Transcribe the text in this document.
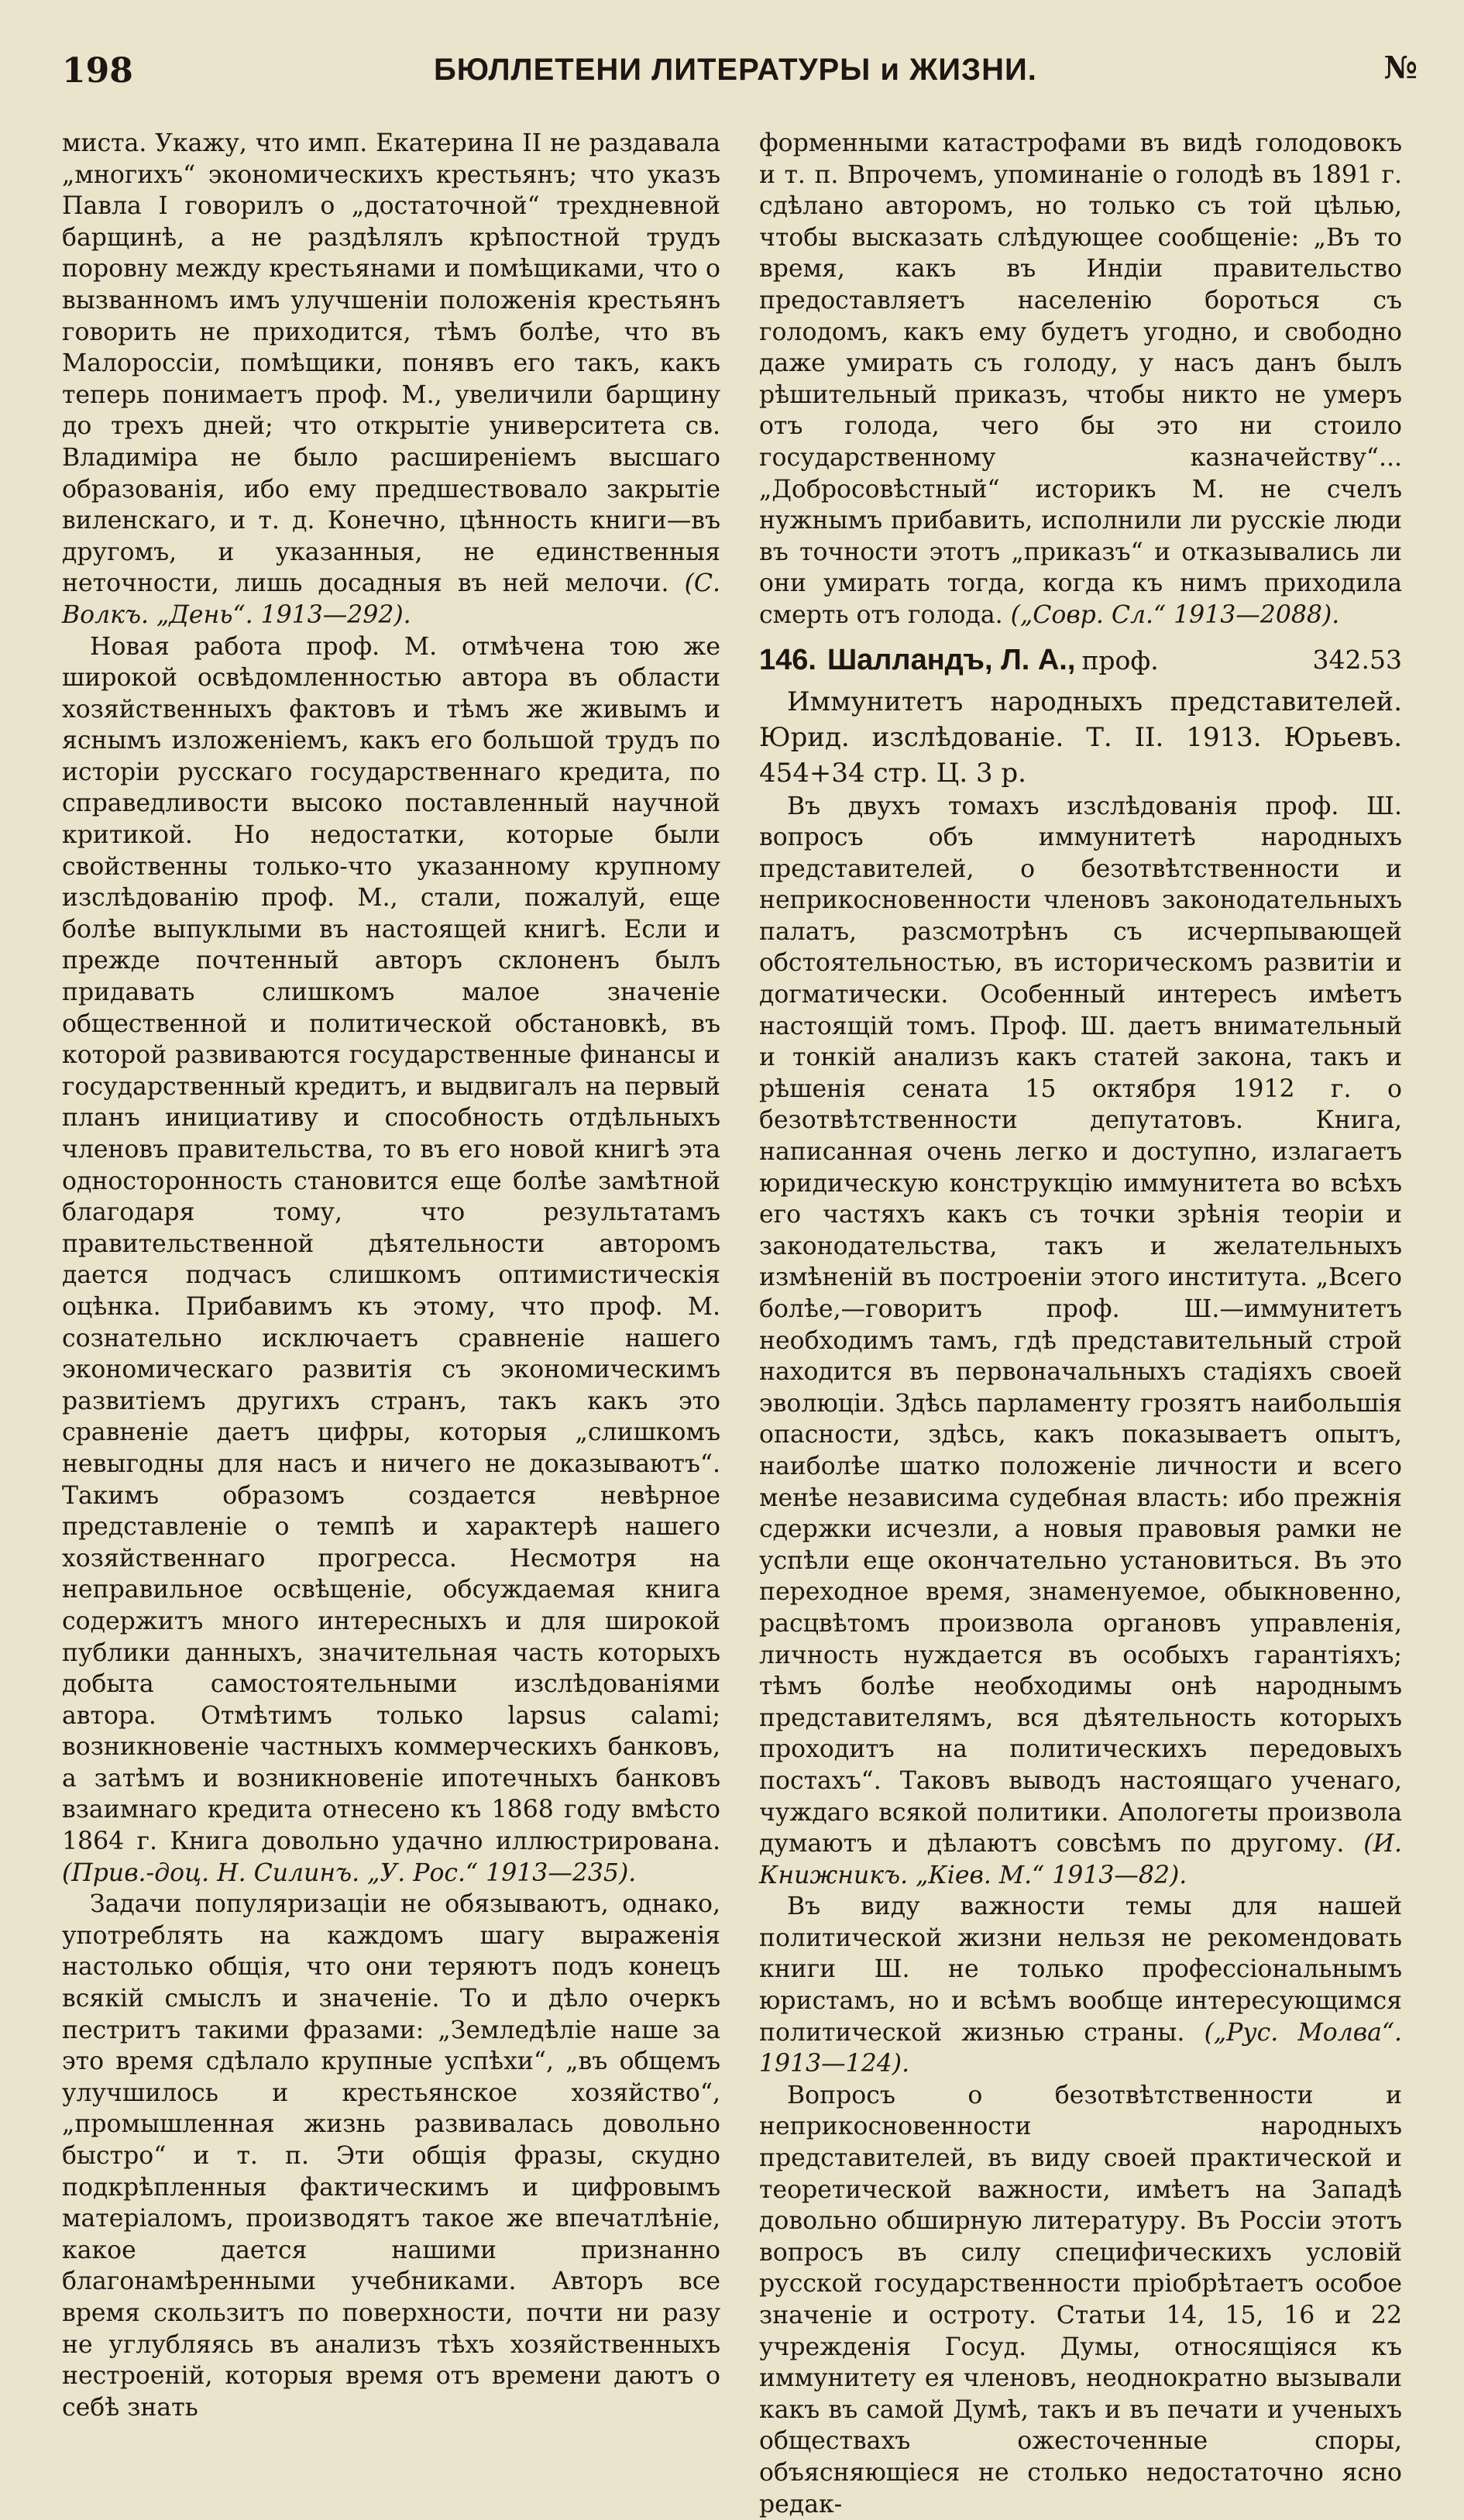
198	БЮЛЛЕТЕНИ ЛИТЕРАТУРЫ и ЖИЗНИ.	№

миста. Укажу, что имп. Екатерина II не раздавала „многихъ“ экономическихъ крестьянъ; что указъ Павла I говорилъ о „достаточной“ трехдневной барщинѣ, а не раздѣлялъ крѣпостной трудъ поровну между крестьянами и помѣщиками, что о вызванномъ имъ улучшеніи положенія крестьянъ говорить не приходится, тѣмъ болѣе, что въ Малороссіи, помѣщики, понявъ его такъ, какъ теперь понимаетъ проф. М., увеличили барщину до трехъ дней; что открытіе университета св. Владиміра не было расширеніемъ высшаго образованія, ибо ему предшествовало закрытіе виленскаго, и т. д. Конечно, цѣнность книги—въ другомъ, и указанныя, не единственныя неточности, лишь досадныя въ ней мелочи. (С. Волкъ. „День“. 1913—292).

Новая работа проф. М. отмѣчена тою же широкой освѣдомленностью автора въ области хозяйственныхъ фактовъ и тѣмъ же живымъ и яснымъ изложеніемъ, какъ его большой трудъ по исторіи русскаго государственнаго кредита, по справедливости высоко поставленный научной критикой. Но недостатки, которые были свойственны только-что указанному крупному изслѣдованію проф. М., стали, пожалуй, еще болѣе выпуклыми въ настоящей книгѣ. Если и прежде почтенный авторъ склоненъ былъ придавать слишкомъ малое значеніе общественной и политической обстановкѣ, въ которой развиваются государственные финансы и государственный кредитъ, и выдвигалъ на первый планъ инициативу и способность отдѣльныхъ членовъ правительства, то въ его новой книгѣ эта односторонность становится еще болѣе замѣтной благодаря тому, что результатамъ правительственной дѣятельности авторомъ дается подчасъ слишкомъ оптимистическія оцѣнка. Прибавимъ къ этому, что проф. М. сознательно исключаетъ сравненіе нашего экономическаго развитія съ экономическимъ развитіемъ другихъ странъ, такъ какъ это сравненіе даетъ цифры, которыя „слишкомъ невыгодны для насъ и ничего не доказываютъ“. Такимъ образомъ создается невѣрное представленіе о темпѣ и характерѣ нашего хозяйственнаго прогресса. Несмотря на неправильное освѣщеніе, обсуждаемая книга содержитъ много интересныхъ и для широкой публики данныхъ, значительная часть которыхъ добыта самостоятельными изслѣдованіями автора. Отмѣтимъ только lapsus calami; возникновеніе частныхъ коммерческихъ банковъ, а затѣмъ и возникновеніе ипотечныхъ банковъ взаимнаго кредита отнесено къ 1868 году вмѣсто 1864 г. Книга довольно удачно иллюстрирована. (Прив.-доц. Н. Силинъ. „У. Рос.“ 1913—235).

Задачи популяризаціи не обязываютъ, однако, употреблять на каждомъ шагу выраженія настолько общія, что они теряютъ подъ конецъ всякій смыслъ и значеніе. То и дѣло очеркъ пестритъ такими фразами: „Земледѣліе наше за это время сдѣлало крупные успѣхи“, „въ общемъ улучшилось и крестьянское хозяйство“, „промышленная жизнь развивалась довольно быстро“ и т. п. Эти общія фразы, скудно подкрѣпленныя фактическимъ и цифровымъ матеріаломъ, производятъ такое же впечатлѣніе, какое дается нашими признанно благонамѣренными учебниками. Авторъ все время скользитъ по поверхности, почти ни разу не углубляясь въ анализъ тѣхъ хозяйственныхъ нестроеній, которыя время отъ времени даютъ о себѣ знать

форменными катастрофами въ видѣ голодовокъ и т. п. Впрочемъ, упоминаніе о голодѣ въ 1891 г. сдѣлано авторомъ, но только съ той цѣлью, чтобы высказать слѣдующее сообщеніе: „Въ то время, какъ въ Индіи правительство предоставляетъ населенію бороться съ голодомъ, какъ ему будетъ угодно, и свободно даже умирать съ голоду, у насъ данъ былъ рѣшительный приказъ, чтобы никто не умеръ отъ голода, чего бы это ни стоило государственному казначейству“... „Добросовѣстный“ историкъ М. не счелъ нужнымъ прибавить, исполнили ли русскіе люди въ точности этотъ „приказъ“ и отказывались ли они умирать тогда, когда къ нимъ приходила смерть отъ голода. („Совр. Сл.“ 1913—2088).

146. Шалландъ, Л. А., проф.	342.53

Иммунитетъ народныхъ представителей. Юрид. изслѣдованіе. Т. II. 1913. Юрьевъ. 454+34 стр. Ц. 3 р.

Въ двухъ томахъ изслѣдованія проф. Ш. вопросъ объ иммунитетѣ народныхъ представителей, о безотвѣтственности и неприкосновенности членовъ законодательныхъ палатъ, разсмотрѣнъ съ исчерпывающей обстоятельностью, въ историческомъ развитіи и догматически. Особенный интересъ имѣетъ настоящій томъ. Проф. Ш. даетъ внимательный и тонкій анализъ какъ статей закона, такъ и рѣшенія сената 15 октября 1912 г. о безотвѣтственности депутатовъ. Книга, написанная очень легко и доступно, излагаетъ юридическую конструкцію иммунитета во всѣхъ его частяхъ какъ съ точки зрѣнія теоріи и законодательства, такъ и желательныхъ измѣненій въ построеніи этого института. „Всего болѣе,—говоритъ проф. Ш.—иммунитетъ необходимъ тамъ, гдѣ представительный строй находится въ первоначальныхъ стадіяхъ своей эволюціи. Здѣсь парламенту грозятъ наибольшія опасности, здѣсь, какъ показываетъ опытъ, наиболѣе шатко положеніе личности и всего менѣе независима судебная власть: ибо прежнія сдержки исчезли, а новыя правовыя рамки не успѣли еще окончательно установиться. Въ это переходное время, знаменуемое, обыкновенно, расцвѣтомъ произвола органовъ управленія, личность нуждается въ особыхъ гарантіяхъ; тѣмъ болѣе необходимы онѣ народнымъ представителямъ, вся дѣятельность которыхъ проходитъ на политическихъ передовыхъ постахъ“. Таковъ выводъ настоящаго ученаго, чуждаго всякой политики. Апологеты произвола думаютъ и дѣлаютъ совсѣмъ по другому. (И. Книжникъ. „Кiев. М.“ 1913—82).

Въ виду важности темы для нашей политической жизни нельзя не рекомендовать книги Ш. не только профессіональнымъ юристамъ, но и всѣмъ вообще интересующимся политической жизнью страны. („Рус. Молва“. 1913—124).

Вопросъ о безотвѣтственности и неприкосновенности народныхъ представителей, въ виду своей практической и теоретической важности, имѣетъ на Западѣ довольно обширную литературу. Въ Россіи этотъ вопросъ въ силу специфическихъ условій русской государственности пріобрѣтаетъ особое значеніе и остроту. Статьи 14, 15, 16 и 22 учрежденія Госуд. Думы, относящіяся къ иммунитету ея членовъ, неоднократно вызывали какъ въ самой Думѣ, такъ и въ печати и ученыхъ обществахъ ожесточенные споры, объясняющіеся не столько недостаточно ясно редак-
